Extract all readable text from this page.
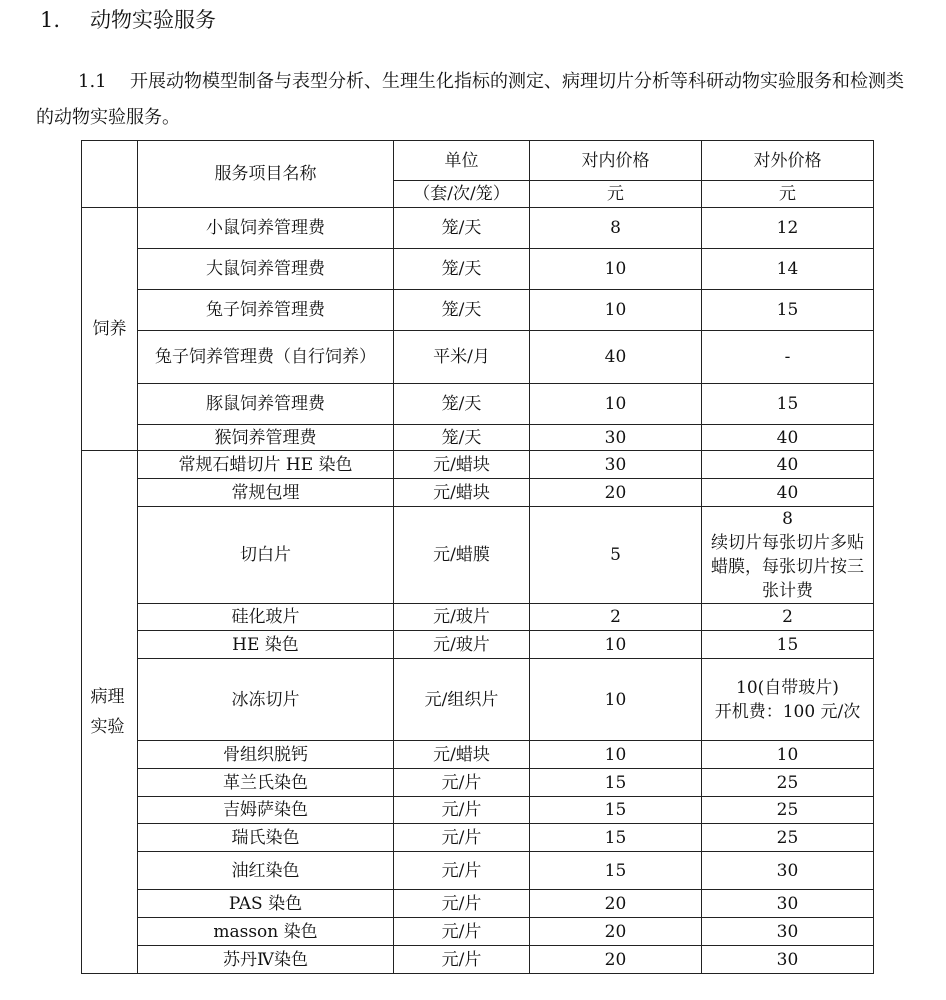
1. 动物实验服务

1.1 开展动物模型制备与表型分析、生理生化指标的测定、病理切片分析等科研动物实验服务和检测类的动物实验服务。

	服务项目名称	单位	对内价格	对外价格
		（套/次/笼）	元	元
饲养	小鼠饲养管理费	笼/天	8	12
	大鼠饲养管理费	笼/天	10	14
	兔子饲养管理费	笼/天	10	15
	兔子饲养管理费（自行饲养）	平米/月	40	-
	豚鼠饲养管理费	笼/天	10	15
	猴饲养管理费	笼/天	30	40
病理实验	常规石蜡切片 HE 染色	元/蜡块	30	40
	常规包埋	元/蜡块	20	40
	切白片	元/蜡膜	5	8
续切片每张切片多贴蜡膜，每张切片按三张计费
	硅化玻片	元/玻片	2	2
	HE 染色	元/玻片	10	15
	冰冻切片	元/组织片	10	10(自带玻片)
开机费：100 元/次
	骨组织脱钙	元/蜡块	10	10
	革兰氏染色	元/片	15	25
	吉姆萨染色	元/片	15	25
	瑞氏染色	元/片	15	25
	油红染色	元/片	15	30
	PAS 染色	元/片	20	30
	masson 染色	元/片	20	30
	苏丹Ⅳ染色	元/片	20	30
